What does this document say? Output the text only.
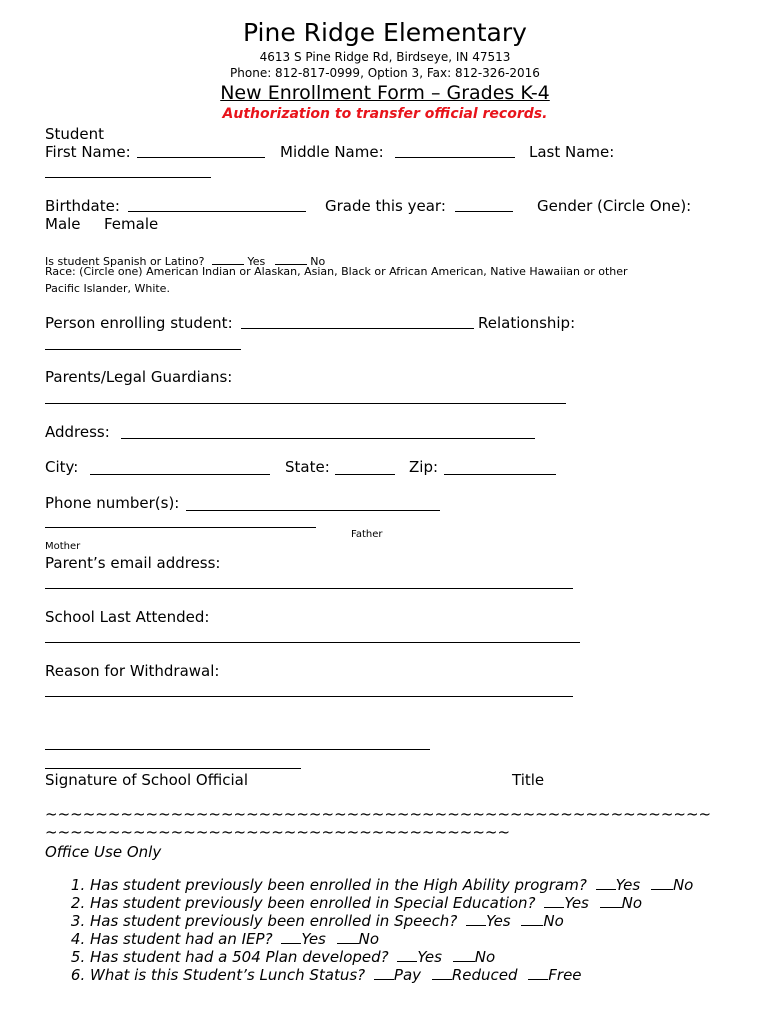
Pine Ridge Elementary
4613 S Pine Ridge Rd, Birdseye, IN 47513
Phone: 812-817-0999, Option 3, Fax: 812-326-2016
New Enrollment Form – Grades K-4
Authorization to transfer official records.
Student
First Name:	Middle Name:	Last Name:
Birthdate:	Grade this year:	Gender (Circle One):
Male Female
Is student Spanish or Latino?	Yes	No
Race: (Circle one) American Indian or Alaskan, Asian, Black or African American, Native Hawaiian or other
Pacific Islander, White.
Person enrolling student:	Relationship:
Parents/Legal Guardians:
Address:
City:	State:	Zip:
Phone number(s):
Father
Mother
Parent’s email address:
School Last Attended:
Reason for Withdrawal:
Signature of School Official	Title
~~~~~~~~~~~~~~~~~~~~~~~~~~~~~~~~~~~~~~~~~~~~~~~~~~~~~
~~~~~~~~~~~~~~~~~~~~~~~~~~~~~~~~~~~~~
Office Use Only
1. Has student previously been enrolled in the High Ability program? Yes No
2. Has student previously been enrolled in Special Education? Yes No
3. Has student previously been enrolled in Speech? Yes No
4. Has student had an IEP? Yes No
5. Has student had a 504 Plan developed? Yes No
6. What is this Student’s Lunch Status? Pay Reduced Free
